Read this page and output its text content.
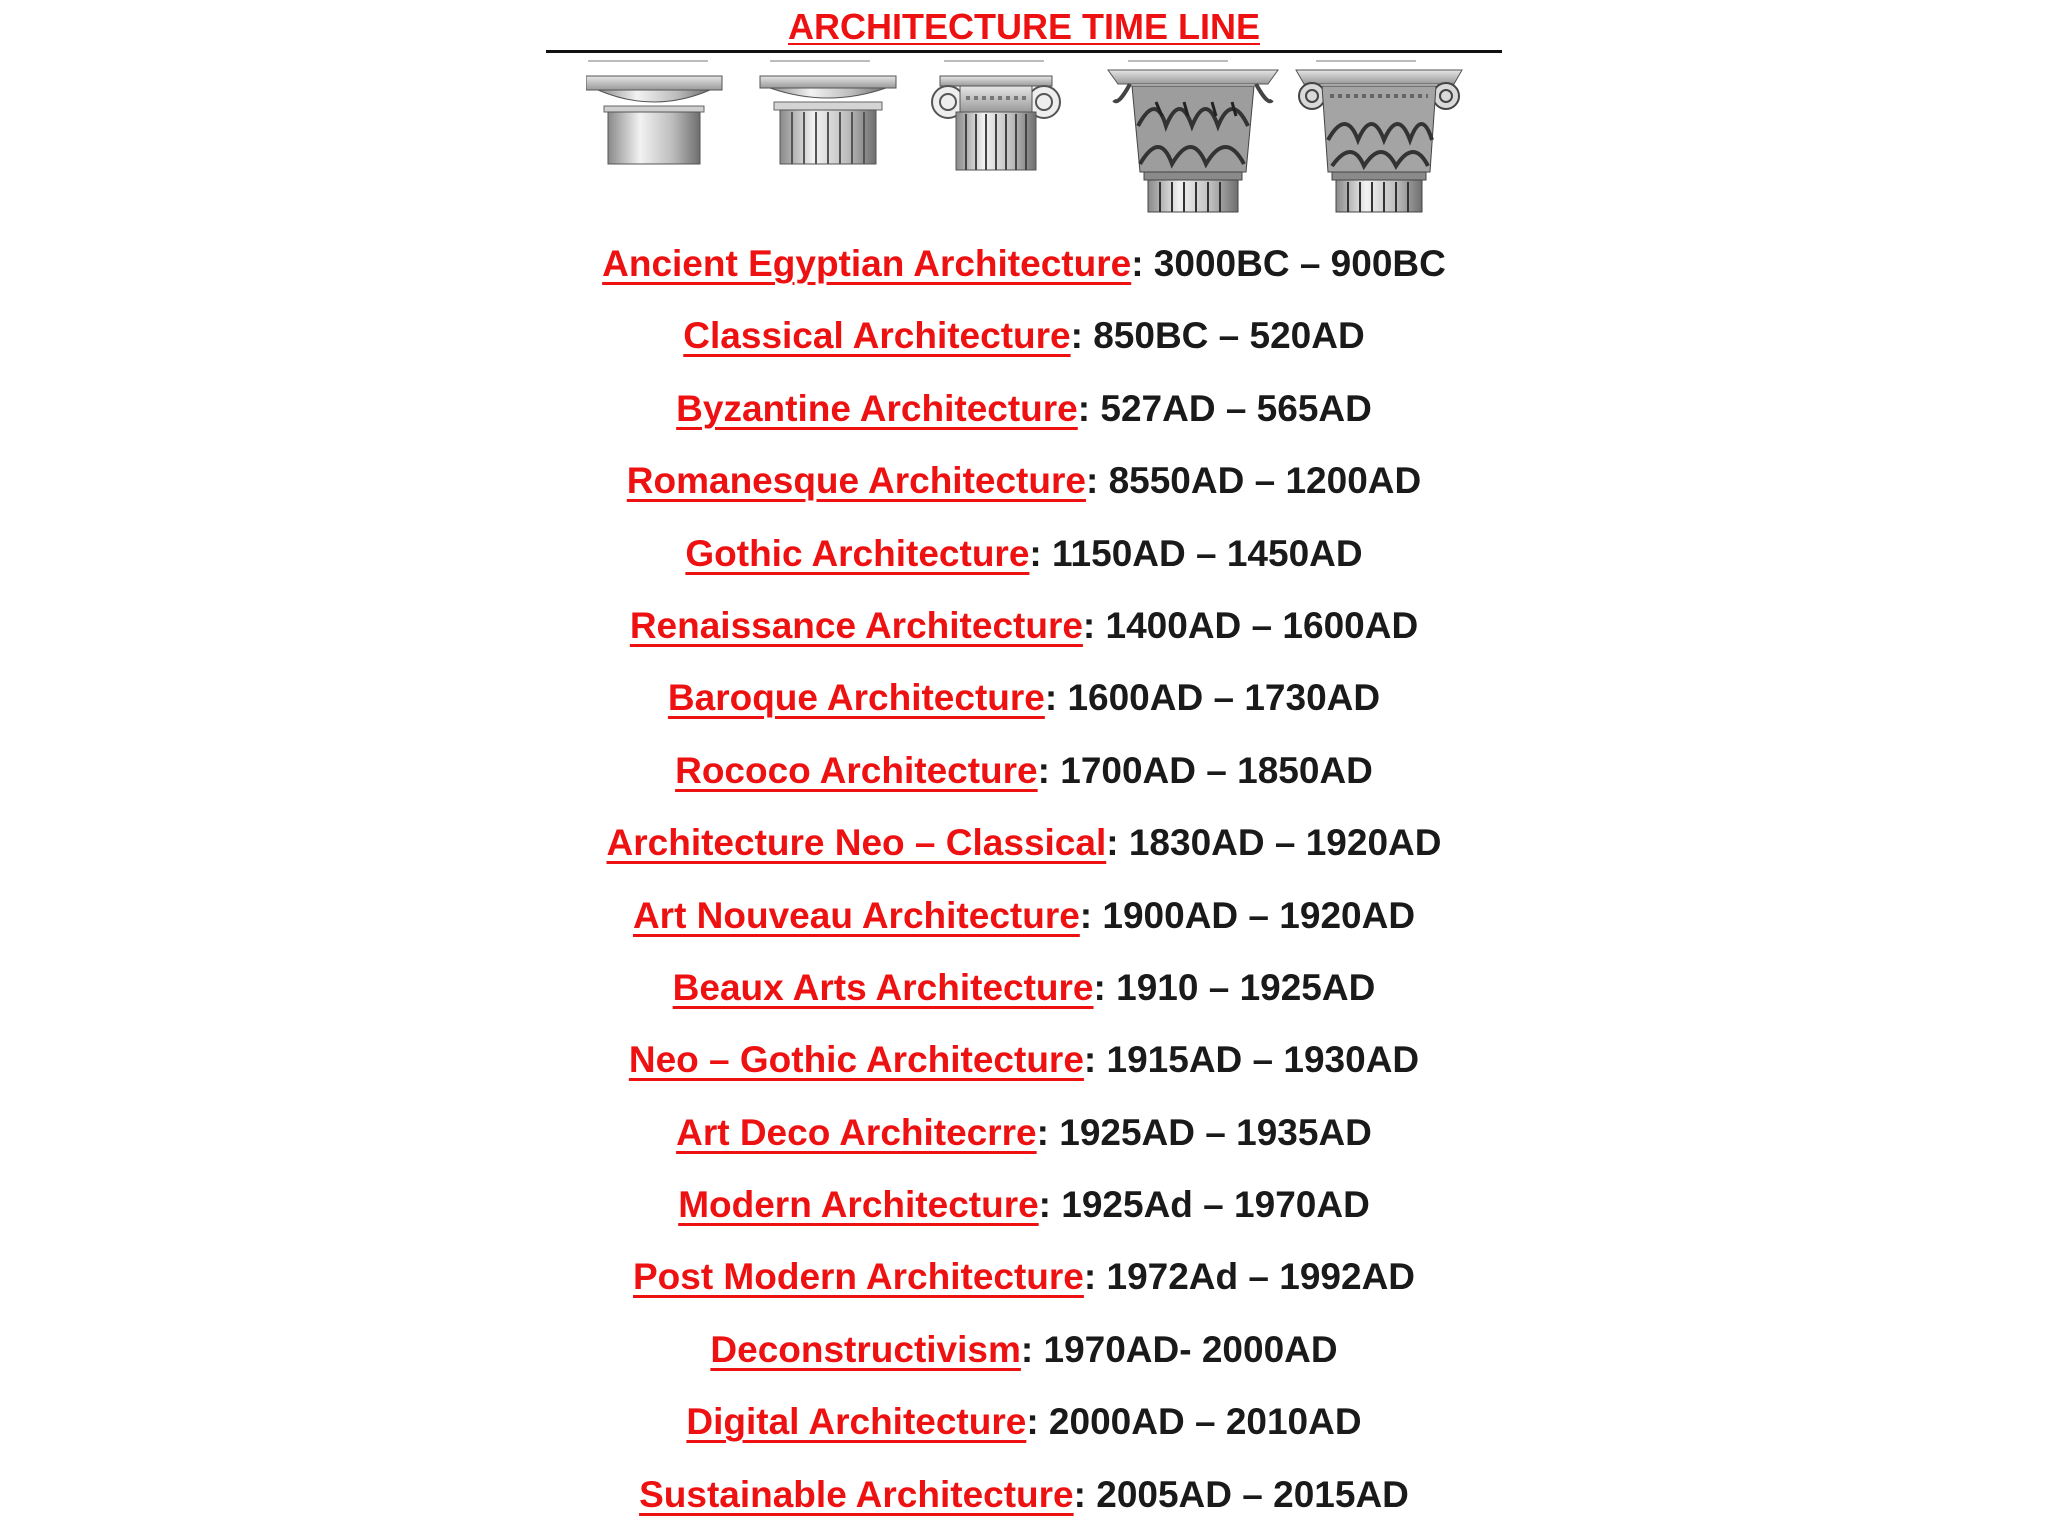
ARCHITECTURE TIME LINE
Ancient Egyptian Architecture: 3000BC – 900BC
Classical Architecture: 850BC – 520AD
Byzantine Architecture: 527AD – 565AD
Romanesque Architecture: 8550AD – 1200AD
Gothic Architecture: 1150AD – 1450AD
Renaissance Architecture: 1400AD – 1600AD
Baroque Architecture: 1600AD – 1730AD
Rococo Architecture: 1700AD – 1850AD
Architecture Neo – Classical: 1830AD – 1920AD
Art Nouveau Architecture: 1900AD – 1920AD
Beaux Arts Architecture: 1910 – 1925AD
Neo – Gothic Architecture: 1915AD – 1930AD
Art Deco Architecrre: 1925AD – 1935AD
Modern Architecture: 1925Ad – 1970AD
Post Modern Architecture: 1972Ad – 1992AD
Deconstructivism: 1970AD- 2000AD
Digital Architecture: 2000AD – 2010AD
Sustainable Architecture: 2005AD – 2015AD
